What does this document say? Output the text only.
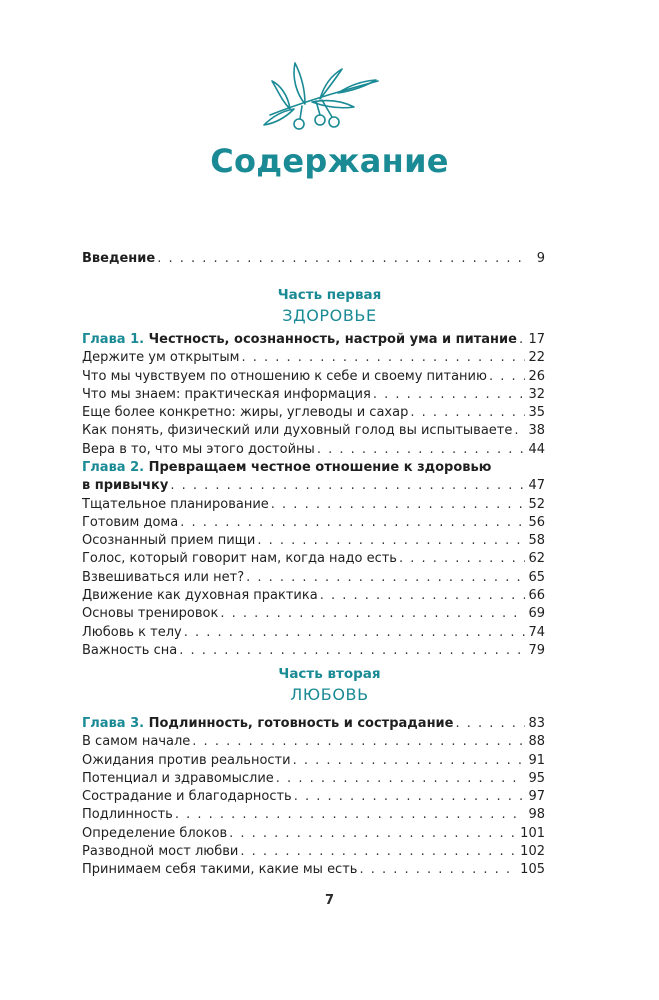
Содержание
Введение . . .	9
Часть первая
ЗДОРОВЬЕ
Глава 1. Честность, осознанность, настрой ума и питание . . . 17
Держите ум открытым . . .	22
Что мы чувствуем по отношению к себе и своему питанию . . .	26
Что мы знаем: практическая информация . . .	32
Еще более конкретно: жиры, углеводы и сахар . . .	35
Как понять, физический или духовный голод вы испытываете . . . 38
Вера в то, что мы этого достойны . . .	44
Глава 2. Превращаем честное отношение к здоровью
в привычку . . .	47
Тщательное планирование . . .	52
Готовим дома . . .	56
Осознанный прием пищи . . .	58
Голос, который говорит нам, когда надо есть . . .	62
Взвешиваться или нет? . . .	65
Движение как духовная практика . . .	66
Основы тренировок . . .	69
Любовь к телу . . .	74
Важность сна . . .	79
Часть вторая
ЛЮБОВЬ
Глава 3. Подлинность, готовность и сострадание . . .	83
В самом начале . . .	88
Ожидания против реальности . . .	91
Потенциал и здравомыслие . . .	95
Сострадание и благодарность . . .	97
Подлинность . . .	98
Определение блоков . . .	101
Разводной мост любви . . .	102
Принимаем себя такими, какие мы есть . . .	105
7
